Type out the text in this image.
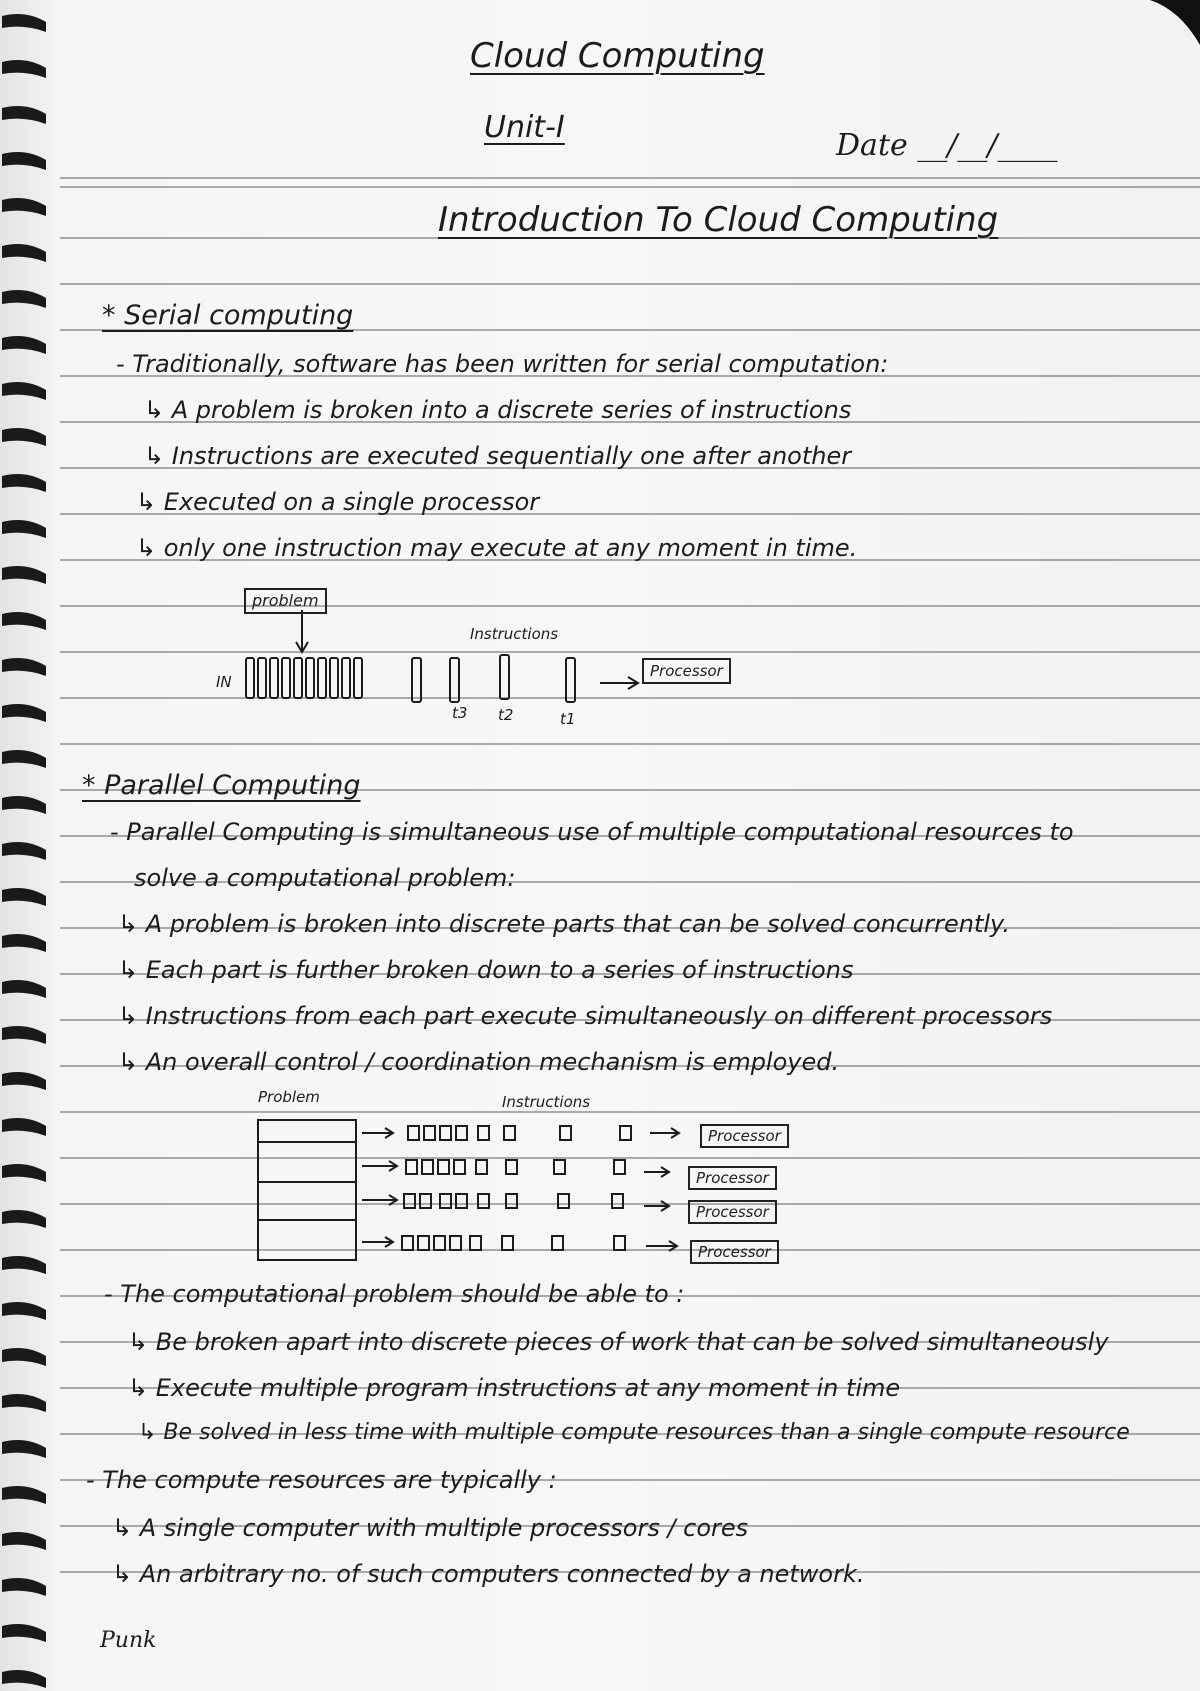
Cloud Computing
Unit-I
Date __/__/____
Introduction To Cloud Computing
* Serial computing
- Traditionally, software has been written for serial computation:
↳ A problem is broken into a discrete series of instructions
↳ Instructions are executed sequentially one after another
↳ Executed on a single processor
↳ only one instruction may execute at any moment in time.
problem
IN
Instructions
Processor
t3 t2	t1
* Parallel Computing
- Parallel Computing is simultaneous use of multiple computational resources to
solve a computational problem:
↳ A problem is broken into discrete parts that can be solved concurrently.
↳ Each part is further broken down to a series of instructions
↳ Instructions from each part execute simultaneously on different processors
↳ An overall control / coordination mechanism is employed.
Problem	Instructions
Processor
Processor
Processor
Processor
- The computational problem should be able to :
↳ Be broken apart into discrete pieces of work that can be solved simultaneously
↳ Execute multiple program instructions at any moment in time
↳ Be solved in less time with multiple compute resources than a single compute resource
- The compute resources are typically :
↳ A single computer with multiple processors / cores
↳ An arbitrary no. of such computers connected by a network.
Punk
